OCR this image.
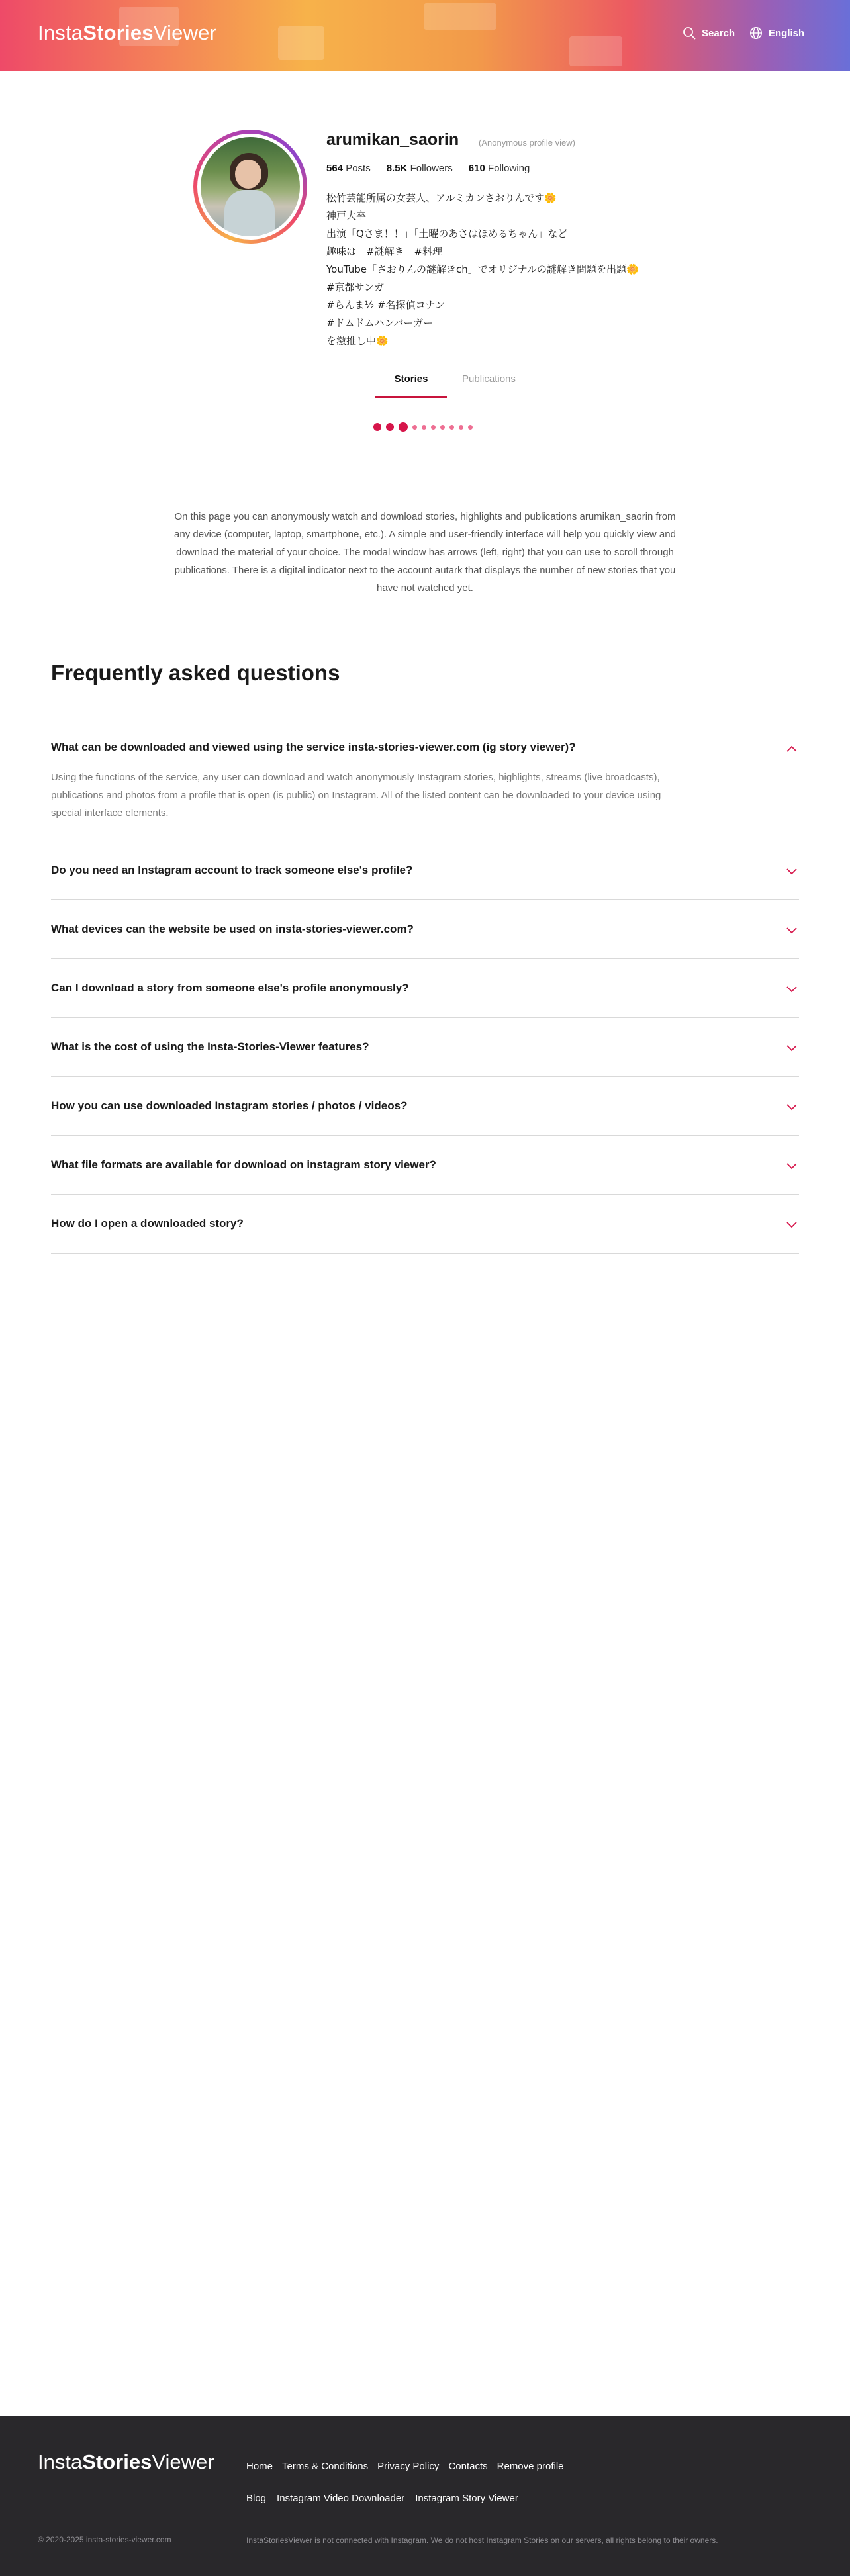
InstaStoriesViewer	Search	English
arumikan_saorin (Anonymous profile view)
564 Posts 8.5K Followers 610 Following
松竹芸能所属の女芸人、アルミカンさおりんです🌼
神戸大卒
出演「Qさま！！」「土曜のあさはほめるちゃん」など
趣味は　#謎解き　#料理
YouTube「さおりんの謎解きch」でオリジナルの謎解き問題を出題🌼
#京都サンガ
#らんま½ #名探偵コナン
#ドムドムハンバーガー
を激推し中🌼
Stories	Publications
On this page you can anonymously watch and download stories, highlights and publications arumikan_saorin from any device (computer, laptop, smartphone, etc.). A simple and user-friendly interface will help you quickly view and download the material of your choice. The modal window has arrows (left, right) that you can use to scroll through publications. There is a digital indicator next to the account autark that displays the number of new stories that you have not watched yet.
Frequently asked questions
What can be downloaded and viewed using the service insta-stories-viewer.com (ig story viewer)?
Using the functions of the service, any user can download and watch anonymously Instagram stories, highlights, streams (live broadcasts), publications and photos from a profile that is open (is public) on Instagram. All of the listed content can be downloaded to your device using special interface elements.
Do you need an Instagram account to track someone else's profile?
What devices can the website be used on insta-stories-viewer.com?
Can I download a story from someone else's profile anonymously?
What is the cost of using the Insta-Stories-Viewer features?
How you can use downloaded Instagram stories / photos / videos?
What file formats are available for download on instagram story viewer?
How do I open a downloaded story?
InstaStoriesViewer	Home Terms & Conditions Privacy Policy Contacts Remove profile
Blog Instagram Video Downloader Instagram Story Viewer
© 2020-2025 insta-stories-viewer.com	InstaStoriesViewer is not connected with Instagram. We do not host Instagram Stories on our servers, all rights belong to their owners.
